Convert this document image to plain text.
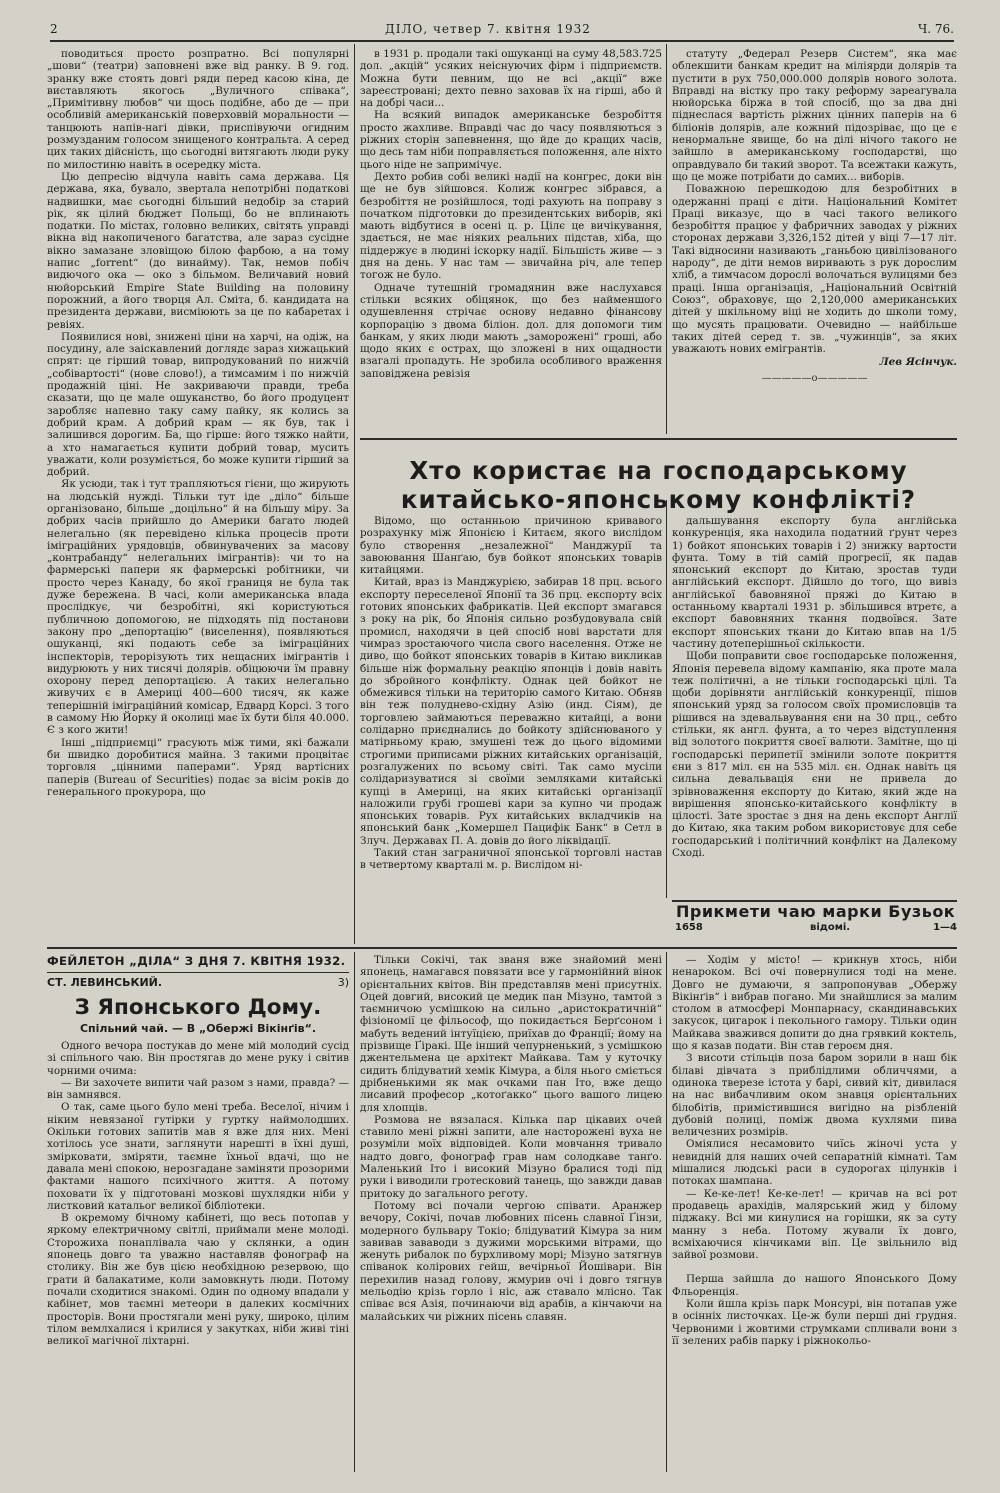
2	ДІЛО, четвер 7. квітня 1932	Ч. 76.

поводиться просто розпратно. Всі популярні „шови“ (театри) заповнені вже від ранку. В 9. год. зранку вже стоять довгі ряди перед касою кіна, де виставляють якогось „Вуличного співака“, „Примітивну любов“ чи щось подібне, або де — при особливій американській поверховвій моральности — танцюють напів-нагі дівки, приспівуючи огидним розмузданим голосом знищеного контральта. А серед цих таких дійсність, що сьогодні витягають люди руку по милостиню навіть в осередку міста.

Цю депресію відчула навіть сама держава. Ця держава, яка, бувало, звертала непотрібні податкові надвишки, має сьогодні більший недобір за старий рік, як цілий бюджет Польщі, бо не вплинають податки. По містах, головно великих, світять управді вікна від накопиченого багатства, але зараз сусідне вікно замазане зловіщою білою фарбою, а на тому напис „forrent“ (до винайму). Так, немов побіч видючого ока — око з більмом. Величавий новий нюйорський Empire State Building на половину порожний, а його творця Ал. Сміта, б. кандидата на президента держави, висміюють за це по кабаретах і ревіях.

Появилися нові, знижені ціни на харчі, на одіж, на посудину, але заіскавлений доглядє зараз хижацький спрят: це гірший товар, випродукований по нижчій „собівартості“ (нове слово!), а тимсамим і по нижчій продажній ціні. Не закриваючи правди, треба сказати, що це мале ошуканство, бо його продуцент заробляє напевно таку саму пайку, як колись за добрий крам. А добрий крам — як був, так і залишився дорогим. Ба, що гірше: його тяжко найти, а хто намагається купити добрий товар, мусить уважати, коли розуміється, бо може купити гірший за добрий.

Як усюди, так і тут трапляються гієни, що жирують на людській нужді. Тільки тут іде „діло“ більше організовано, більше „доцільно“ й на більшу міру. За добрих часів прийшло до Америки багато людей нелегально (як перевідено кілька процесів проти іміграційних урядовців, обвинувачених за масову „контрабанду“ нелегальних імігрантів): чи то на фармерські папери як фармерські робітники, чи просто через Канаду, бо якої границя не була так дуже бережена. В часі, коли американська влада прослідкує, чи безробітні, які користуються публичною допомогою, не підходять під постанови закону про „депортацію“ (виселення), появляються ошуканці, які подають себе за іміграційних інспекторів, терорізують тих нещасних імігрантів і видурюють у них тисячі долярів. обіцюючи їм правну охорону перед депортацією. А таких нелегально живучих є в Америці 400—600 тисяч, як каже теперішній іміграційний комісар, Едвард Корсі. З того в самому Ню Йорку й околиці має їх бути біля 40.000. Є з кого жити!

Інші „підприємці“ грасують між тими, які бажали би швидко доробитися майна. З такими процвітає торговля „цінними паперами“. Уряд вартісних паперів (Bureau of Securities) подає за вісім років до генерального прокурора, що

в 1931 р. продали такі ошуканці на суму 48,583.725 дол. „акцій“ усяких неіснуючих фірм і підприємств. Можна бути певним, що не всі „акції“ вже зареєстровані; дехто певно заховав їх на гірші, або й на добрі часи...

На всякий випадок американське безробіття просто жахливе. Вправді час до часу появляються з ріжних сторін запевнення, що йде до кращих часів, що десь там ніби поправляється положення, але ніхто цього ніде не запримічує.

Дехто робив собі великі надії на конгрес, доки він ще не був зійшовся. Колиж конгрес зібрався, а безробіття не розійшлося, тоді рахують на поправу з початком підготовки до президентських виборів, які мають відбутися в осені ц. р. Цілє це вичікування, здається, не має ніяких реальних підстав, хіба, що піддержує в людині іскорку надії. Більшість живе — з дня на день. У нас там — звичайна річ, але тепер тогож не було.

Одначе тутешній громадянин вже наслухався стільки всяких обіцянок, що без найменшого одушевлення стрічає основу недавно фінансову корпорацію з двома біліон. дол. для допомоги тим банкам, у яких люди мають „заморожені“ гроші, або щодо яких є остраx, що зложені в них ощадности взагалі пропадуть. Не зробила особливого враження заповіджена ревізія

статуту „Федерал Резерв Систем“, яка має облекшити банкам кредит на міліярди долярів та пустити в рух 750,000.000 долярів нового золота. Вправді на вістку про таку реформу зареагувала нюйорська біржа в той спосіб, що за два дні піднеслася вартість ріжних цінних паперів на 6 біліонів долярів, але кожний підозріває, що це є ненормальне явище, бо на ділі нічого такого не зайшло в американському господарстві, що оправдувало би такий зворот. Та всежтаки кажуть, що це може потрібати до самих... виборів.

Поважною перешкодою для безробітних в одержанні праці є діти. Національний Комітет Праці виказує, що в часі такого великого безробіття працює у фабричних заводах у ріжних сторонах держави 3,326,152 дітей у віці 7—17 літ. Такі відносини називають „ганьбою цивілізованого народу“, де діти немов виривають з рук дорослим хліб, а тимчасом дорослі волочаться вулицями без праці. Інша організація, „Національний Освітній Союз“, обраховує, що 2,120,000 американських дітей у шкільному віці не ходить до школи тому, що мусять працювати. Очевидно — найбільше таких дітей серед т. зв. „чужинців“, за яких уважають нових емігрантів.

Лев Ясінчук.
—————o—————
Хто користає на господарському
китайсько-японському конфлікті?

Відомо, що останньою причиною кривавого розрахунку між Японією і Китаєм, якого вислідом було створення „незалежної“ Манджурії та завоювання Шанґаю, був бойкот японських товарів китайцями.

Китай, враз із Манджурією, забирав 18 прц. всього експорту переселеної Японії та 36 прц. експорту всіх готових японських фабрикатів. Цей експорт змагався з року на рік, бо Японія сильно розбудовувала свій промисл, находячи в цей спосіб нові варстати для чимраз зростаючого числа свого населення. Отже не диво, що бойкот японських товарів в Китаю викликав більше ніж формальну реакцію японців і довів навіть до збройного конфлікту. Однак цей бойкот не обмежився тільки на територію самого Китаю. Обняв він теж полудн​ево-східну Азію (инд. Сіям), де торговлею займаються переважно китайці, а вони солідарно приєднались до бойкоту здійснюваного у матірньому краю, змушені теж до цього відомими строгими приписами ріжних китайських організацій, розгалужених по всьому світі. Так само мусіли солідаризуватися зі своїми земляками китайські купці в Америці, на яких китайські організації наложили грубі грошеві кари за купно чи продаж японських товарів. Рух китайських вкладчиків на японський банк „Комершел Пацифік Банк“ в Сетл в Злуч. Державах П. А. довів до його ліквідації.

Такий стан заграничної японської торговлі настав в четвертому кварталі м. р. Вислідом ні-

дальшування експорту була англійська конкуренція, яка находила податний ґрунт через 1) бойкот японських товарів і 2) знижку вартости фунта. Тому в тій самій прогресії, як падав японський експорт до Китаю, зростав туди англійський експорт. Дійшло до того, що вивіз англійської бавовняної пряжі до Китаю в останньому кварталі 1931 р. збільшився втретє, а експорт бавовняних ткання подвоївся. Зате експорт японських ткани до Китаю впав на 1/5 частину дотеперішньої скількости.

Щоби поправити своє господарське положення, Японія перевела відому кампанію, яка проте мала теж політичні, а не тільки господарські цілі. Та щоби дорівняти англійській конкуренції, пішов японський уряд за голосом своїх промисловців та рішився на здевальвування єни на 30 прц., себто стільки, як англ. фунта, а то через відступлення від золотого покриття своєї валюти. Замітне, що ці господарські перипетії змінили золоте покриття єни з 817 міл. єн на 535 міл. єн. Однак навіть ця сильна девальвація єни не привела до зрівноваження експорту до Китаю, який жде на вирішення японсько-китайського конфлікту в цілості. Зате зростає з дня на день експорт Англії до Китаю, яка таким робом використовує для себе господарський і політичний конфлікт на Далекому Сході.

Прикмети чаю марки Бузьок
1658	відомі.	1—4
ФЕЙЛЕТОН „ДІЛА“ З ДНЯ 7. КВІТНЯ 1932.
СТ. ЛЕВИНСЬКИЙ.	3)
З Японського Дому.
Спільний чай. — В „Обержі Вікінґів“.

Одного вечора постукав до мене мій молодий сусід зі спільного чаю. Він простягав до мене руку і світив чорними очима:

— Ви захочете випити чай разом з нами, правда? — він замнявся.

О так, саме цього було мені треба. Веселої, нічим і ніким невязаної гутірки у гуртку наймолодших. Окільки готових запитів мав я вже для них. Мені хотілось усе знати, заглянути нарешті в їхні душі, змірковати, зміряти, таємне їхньої вдачі, що не давала мені спокою, нерозгадане заміняти прозорими фактами нашого психічного життя. А потому поховати їх у підготовані мозкові шухлядки ніби у листковий катальог великої бібліотеки.

В окремому бічному кабінеті, що весь потопав у яркому електричному світлі, приймали мене молоді. Сторожиха понаплівала чаю у склянки, а один японець довго та уважно наставляв фонограф на столику. Він же був цією необхідною резервою, що грати й балакатиме, коли замовкнуть люди. Потому почали сходитися знакомі. Один по одному впадали у кабінет, мов таємні метеори в далеких космічних просторів. Вони простягали мені руку, широко, цілим тілом вемлхалися і кри​лися у закутках, ніби живі тіні великої магічної ліхтарні.

Тільки Сокічі, так званя вже знайомий мені японець, намагався повязати все у гармонійний вінок орієнтальних квітов. Він представляв мені присутніх. Оцей довгий, високий це медик пан Мізуно, тамтой з таємничою усмішкою на сильно „аристократичній“ фізіономії це фільософ, що покидається Берґсоном і мабуть ведений інтуїцією, приїхав до Франції; йому на прізвище Ґіракі. Ще інший чепурненький, з усмішкою джентельмена це архітект Майкава. Там у куточку сидить блідуватий хемік Кімура, а біля нього сміється дрібненькими як мак очками пан Іто, вже дещо лисавий професор „котоґакко“ цього вашого лицею для хлопців.

Розмова не вязалася. Кілька пар цікавих очей ставило мені ріжні запити, але насторожені вуха не розуміли моїх відповідей. Коли мовчання тривало надто довго, фонограф грав нам солодкаве танґо. Маленький Іто і високий Мізуно бралися тоді під руки і виводили гротесковий танець, що завжди давав притоку до загального реготу.

Потому всі почали чергою співати. Аранжер вечору, Сокічі, почав любовних пісень славної Ґінзи, модерного бульвару Токіо; блідуватий Кімура за ним завивав зававоди з дужими морськими вітрами, що женуть рибалок по бурхливому морі; Мізуно затягнув співанок колірових гейш, вечірньої Йошівари. Він перехилив назад голову, жмурив очі і довго тягнув мельодію крізь горло і ніс, аж ставало млісно. Так співає вся Азія, починаючи від арабів, а кінчаючи на малайських чи ріжних пісень славян.

— Ходім у місто! — крикнув хтось, ніби ненароком. Всі очі повернулися тоді на мене. Довго не думаючи, я запропонував „Обержу Вікінґів“ і вибрав погано. Ми знайшлися за малим столом в атмосфері Монпарнасу, скандинавських закусок, цигарок і пекольного гамору. Тільки один Майкава зважився допити до дна грявкий коктель, що я казав подати. Він став героєм дня.

З висоти стільців поза баром зорили в наш бік білаві дівчата з приблідлими обличчями, а одинока тверезе істота у барі, сивий кіт, дивилася на нас вибачливим оком знавця орієнтальних білобітів, примістившися вигідно на різбленій дубовій полиці, поміж двома кухлями пива величезних розмірів.

Оміялися несамовито чиїсь жіночі уста у невидній для наших очей сепаратній кімнаті. Там мішалися людські раси в судорогах цілунків і потоках шампана.

— Ке-ке-лет! Ке-ке-лет! — кричав на всі рот продавець арахідів, малярський жид у білому піджаку. Всі ми кинулися на горішки, як за суту манну з неба. Потому жували їх довго, всміхаючися кінчиками віп. Це звільнило від зайвої розмови.

Перша зайшла до нашого Японського Дому Фльоренція.

Коли йшла крізь парк Монсурі, він потапав уже в осінніх листочках. Це-ж були перші дні грудня. Червоними і жовтими струмками спливали вони з її зелених рабів парку і ріжнокольо-
